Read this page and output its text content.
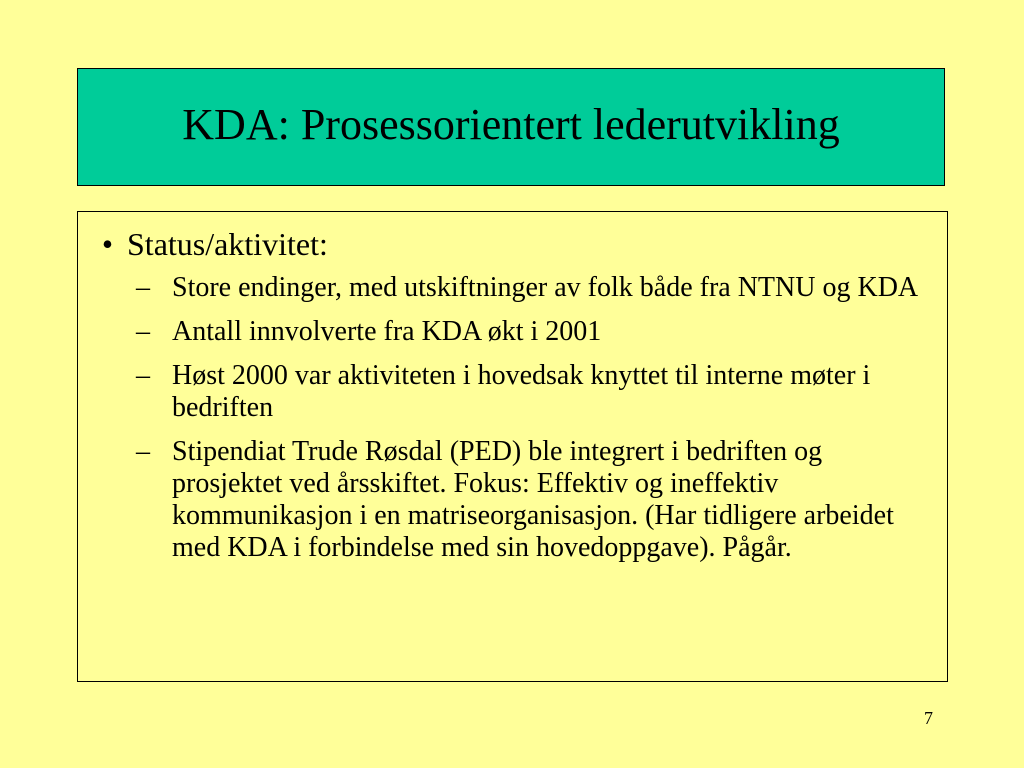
KDA: Prosessorientert lederutvikling
• Status/aktivitet:
– Store endinger, med utskiftninger av folk både fra NTNU og KDA
– Antall innvolverte fra KDA økt i 2001
– Høst 2000 var aktiviteten i hovedsak knyttet til interne møter i bedriften
– Stipendiat Trude Røsdal (PED) ble integrert i bedriften og prosjektet ved årsskiftet. Fokus: Effektiv og ineffektiv kommunikasjon i en matriseorganisasjon. (Har tidligere arbeidet med KDA i forbindelse med sin hovedoppgave). Pågår.
7
